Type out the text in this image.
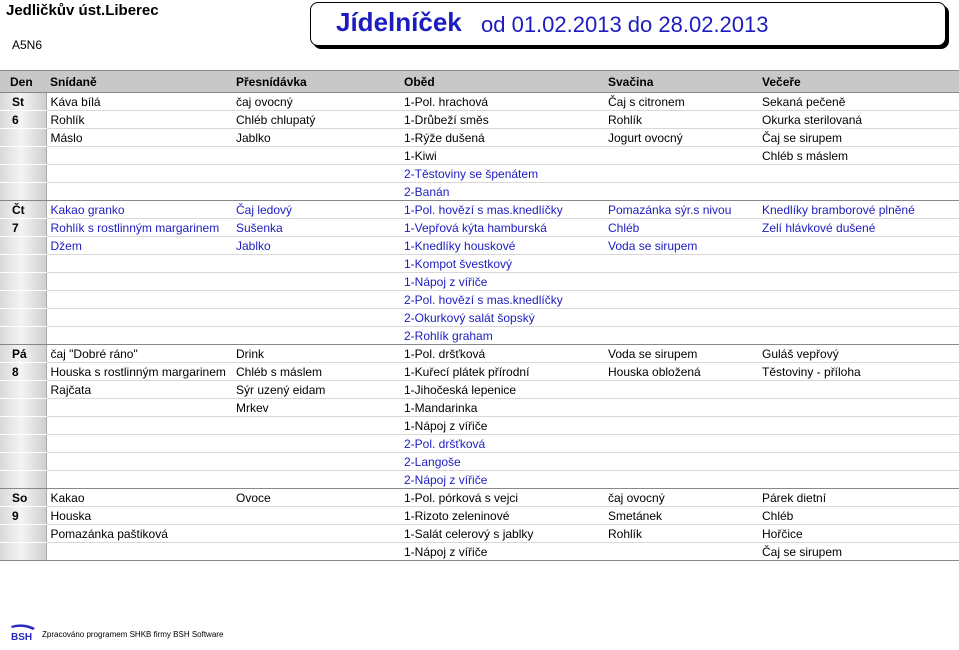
Jedličkův úst.Liberec
A5N6
Jídelníček od 01.02.2013 do 28.02.2013
Den	Snídaně	Přesnídávka	Oběd	Svačina	Večeře
St	Káva bílá	čaj ovocný	1-Pol. hrachová	Čaj s citronem	Sekaná pečeně
6	Rohlík	Chléb chlupatý	1-Drůbeží směs	Rohlík	Okurka sterilovaná
	Máslo	Jablko	1-Rýže dušená	Jogurt ovocný	Čaj se sirupem
			1-Kiwi		Chléb s máslem
			2-Těstoviny se špenátem		
			2-Banán		
Čt	Kakao granko	Čaj ledový	1-Pol. hovězí s mas.knedlíčky	Pomazánka sýr.s nivou	Knedlíky bramborové plněné
7	Rohlík s rostlinným margarinem	Sušenka	1-Vepřová kýta hamburská	Chléb	Zelí hlávkové dušené
	Džem	Jablko	1-Knedlíky houskové	Voda se sirupem	
			1-Kompot švestkový		
			1-Nápoj z vířiče		
			2-Pol. hovězí s mas.knedlíčky		
			2-Okurkový salát šopský		
			2-Rohlík graham		
Pá	čaj "Dobré ráno"	Drink	1-Pol. dršťková	Voda se sirupem	Guláš vepřový
8	Houska s rostlinným margarinem	Chléb s máslem	1-Kuřecí plátek přírodní	Houska obložená	Těstoviny - příloha
	Rajčata	Sýr uzený eidam	1-Jihočeská lepenice		
		Mrkev	1-Mandarinka		
			1-Nápoj z vířiče		
			2-Pol. dršťková		
			2-Langoše		
			2-Nápoj z vířiče		
So	Kakao	Ovoce	1-Pol. pórková s vejci	čaj ovocný	Párek dietní
9	Houska		1-Rizoto zeleninové	Smetánek	Chléb
	Pomazánka paštiková		1-Salát celerový s jablky	Rohlík	Hořčice
			1-Nápoj z vířiče		Čaj se sirupem
BSH Zpracováno programem SHKB firmy BSH Software
